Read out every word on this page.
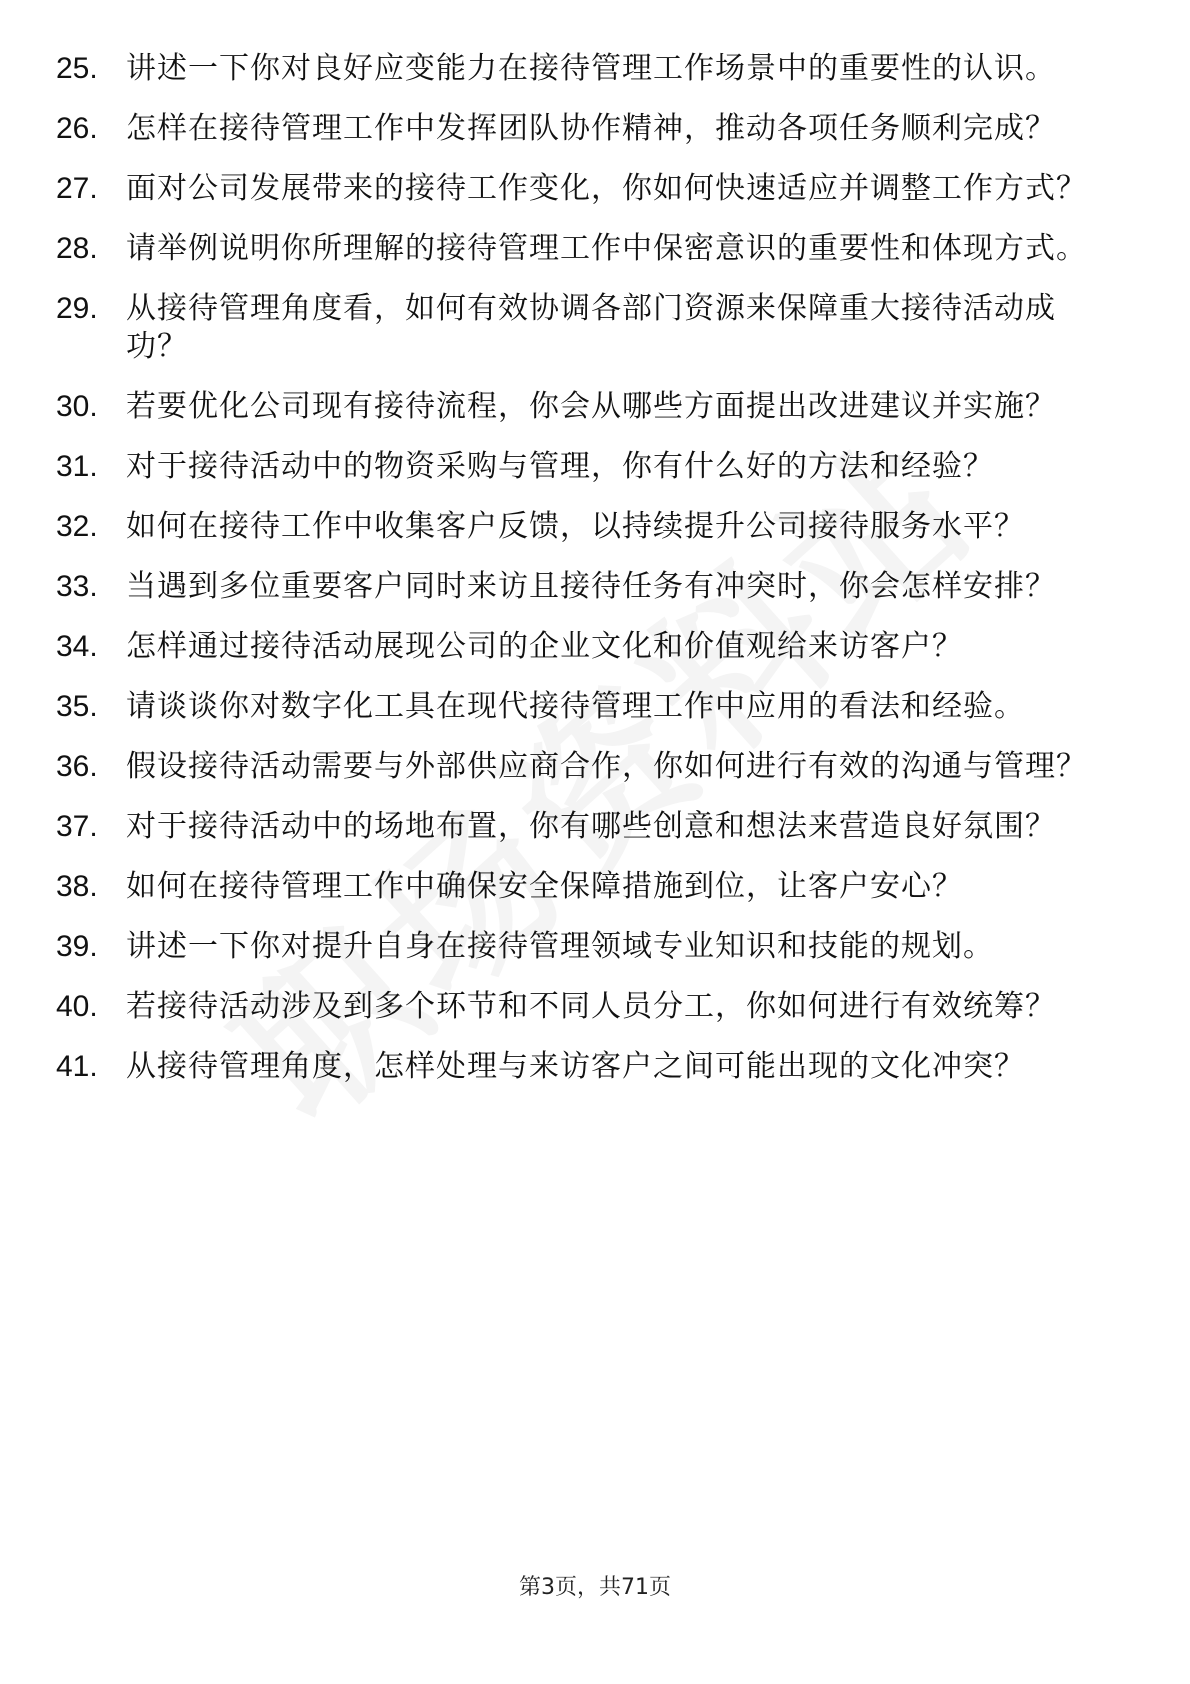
25. 讲述一下你对良好应变能力在接待管理工作场景中的重要性的认识。
26. 怎样在接待管理工作中发挥团队协作精神，推动各项任务顺利完成？
27. 面对公司发展带来的接待工作变化，你如何快速适应并调整工作方式？
28. 请举例说明你所理解的接待管理工作中保密意识的重要性和体现方式。
29. 从接待管理角度看，如何有效协调各部门资源来保障重大接待活动成功？
30. 若要优化公司现有接待流程，你会从哪些方面提出改进建议并实施？
31. 对于接待活动中的物资采购与管理，你有什么好的方法和经验？
32. 如何在接待工作中收集客户反馈，以持续提升公司接待服务水平？
33. 当遇到多位重要客户同时来访且接待任务有冲突时，你会怎样安排？
34. 怎样通过接待活动展现公司的企业文化和价值观给来访客户？
35. 请谈谈你对数字化工具在现代接待管理工作中应用的看法和经验。
36. 假设接待活动需要与外部供应商合作，你如何进行有效的沟通与管理？
37. 对于接待活动中的场地布置，你有哪些创意和想法来营造良好氛围？
38. 如何在接待管理工作中确保安全保障措施到位，让客户安心？
39. 讲述一下你对提升自身在接待管理领域专业知识和技能的规划。
40. 若接待活动涉及到多个环节和不同人员分工，你如何进行有效统筹？
41. 从接待管理角度，怎样处理与来访客户之间可能出现的文化冲突？
第3页，共71页
